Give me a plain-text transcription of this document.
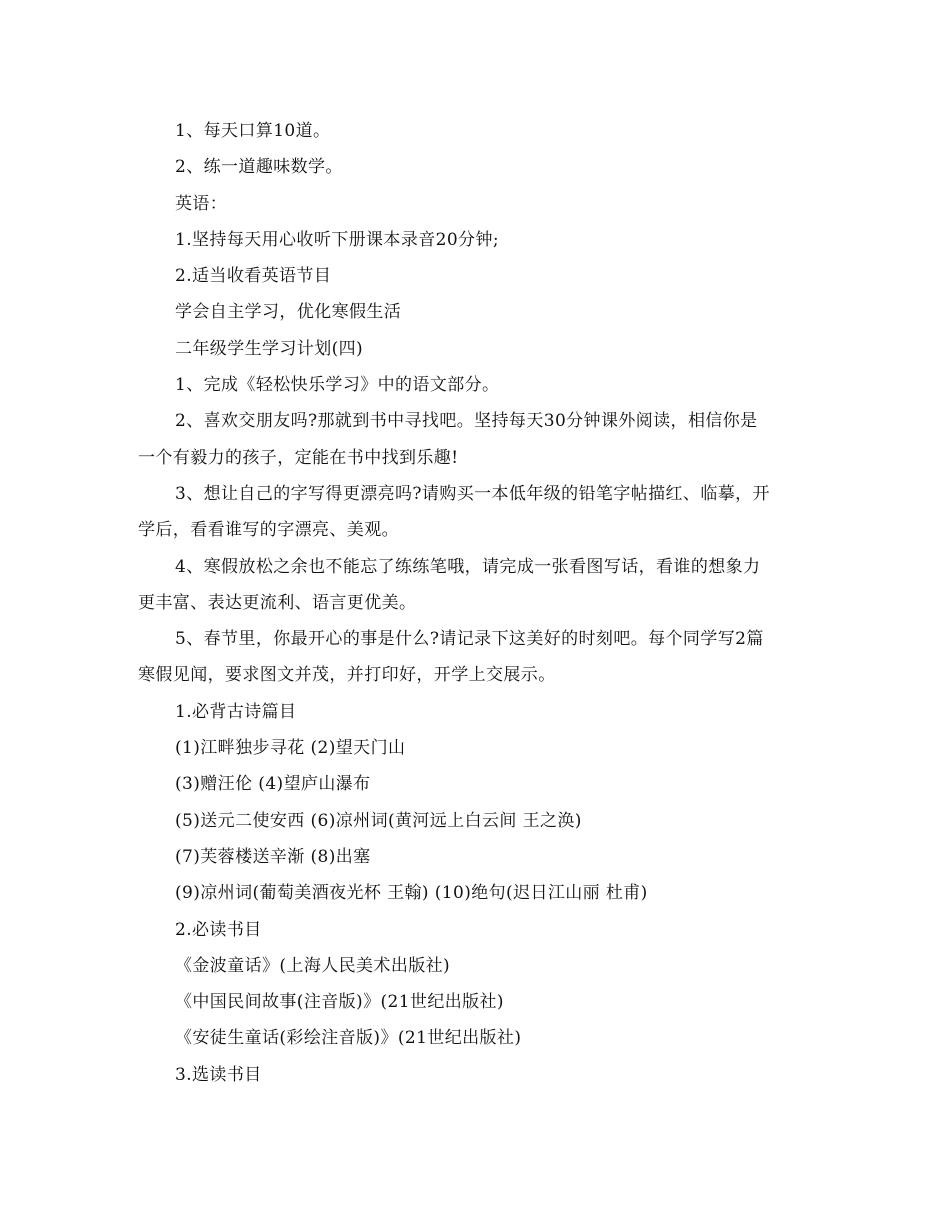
1、每天口算10道。
2、练一道趣味数学。
英语：
1.坚持每天用心收听下册课本录音20分钟;
2.适当收看英语节目
学会自主学习，优化寒假生活
二年级学生学习计划(四)
1、完成《轻松快乐学习》中的语文部分。
2、喜欢交朋友吗?那就到书中寻找吧。坚持每天30分钟课外阅读，相信你是
一个有毅力的孩子，定能在书中找到乐趣!
3、想让自己的字写得更漂亮吗?请购买一本低年级的铅笔字帖描红、临摹，开
学后，看看谁写的字漂亮、美观。
4、寒假放松之余也不能忘了练练笔哦，请完成一张看图写话，看谁的想象力
更丰富、表达更流利、语言更优美。
5、春节里，你最开心的事是什么?请记录下这美好的时刻吧。每个同学写2篇
寒假见闻，要求图文并茂，并打印好，开学上交展示。
1.必背古诗篇目
(1)江畔独步寻花 (2)望天门山
(3)赠汪伦 (4)望庐山瀑布
(5)送元二使安西 (6)凉州词(黄河远上白云间 王之涣)
(7)芙蓉楼送辛渐 (8)出塞
(9)凉州词(葡萄美酒夜光杯 王翰) (10)绝句(迟日江山丽 杜甫)
2.必读书目
《金波童话》(上海人民美术出版社)
《中国民间故事(注音版)》(21世纪出版社)
《安徒生童话(彩绘注音版)》(21世纪出版社)
3.选读书目
